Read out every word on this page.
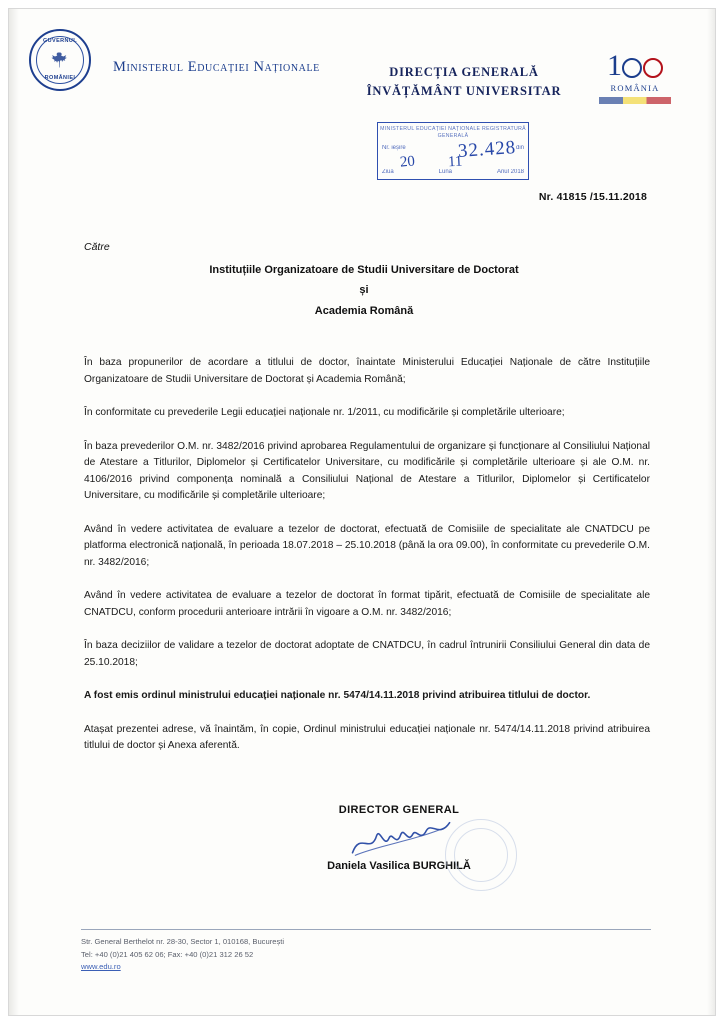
GUVERNUL
ROMÂNIEI
Ministerul Educației Naționale	DIRECȚIA GENERALĂ
ÎNVĂȚĂMÂNT UNIVERSITAR
1
ROMÂNIA
MINISTERUL EDUCAȚIEI NAȚIONALE REGISTRATURĂ GENERALĂ
Nr. ieșire	din
Ziua	Luna	Anul 2018
32.428
20 11
Nr. 41815 /15.11.2018
Către
Instituțiile Organizatoare de Studii Universitare de Doctorat
și
Academia Română

În baza propunerilor de acordare a titlului de doctor, înaintate Ministerului Educației Naționale de către Instituțiile Organizatoare de Studii Universitare de Doctorat și Academia Română;

În conformitate cu prevederile Legii educației naționale nr. 1/2011, cu modificările și completările ulterioare;

În baza prevederilor O.M. nr. 3482/2016 privind aprobarea Regulamentului de organizare și funcționare al Consiliului Național de Atestare a Titlurilor, Diplomelor și Certificatelor Universitare, cu modificările și completările ulterioare și ale O.M. nr. 4106/2016 privind componența nominală a Consiliului Național de Atestare a Titlurilor, Diplomelor și Certificatelor Universitare, cu modificările și completările ulterioare;

Având în vedere activitatea de evaluare a tezelor de doctorat, efectuată de Comisiile de specialitate ale CNATDCU pe platforma electronică națională, în perioada 18.07.2018 – 25.10.2018 (până la ora 09.00), în conformitate cu prevederile O.M. nr. 3482/2016;

Având în vedere activitatea de evaluare a tezelor de doctorat în format tipărit, efectuată de Comisiile de specialitate ale CNATDCU, conform procedurii anterioare intrării în vigoare a O.M. nr. 3482/2016;

În baza deciziilor de validare a tezelor de doctorat adoptate de CNATDCU, în cadrul întrunirii Consiliului General din data de 25.10.2018;

A fost emis ordinul ministrului educației naționale nr. 5474/14.11.2018 privind atribuirea titlului de doctor.

Atașat prezentei adrese, vă înaintăm, în copie, Ordinul ministrului educației naționale nr. 5474/14.11.2018 privind atribuirea titlului de doctor și Anexa aferentă.

DIRECTOR GENERAL
Daniela Vasilica BURGHILĂ
Str. General Berthelot nr. 28-30, Sector 1, 010168, București
Tel: +40 (0)21 405 62 06; Fax: +40 (0)21 312 26 52
www.edu.ro
